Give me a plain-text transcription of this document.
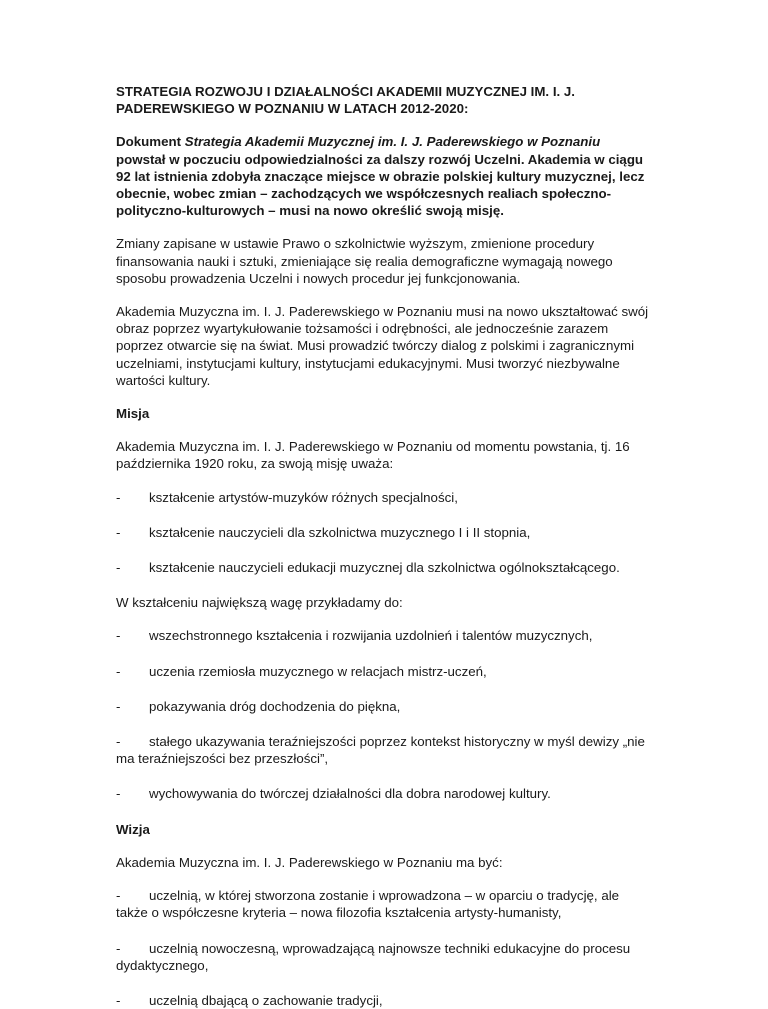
STRATEGIA ROZWOJU I DZIAŁALNOŚCI AKADEMII MUZYCZNEJ IM. I. J. PADEREWSKIEGO W POZNANIU W LATACH 2012-2020:

Dokument Strategia Akademii Muzycznej im. I. J. Paderewskiego w Poznaniu powstał w poczuciu odpowiedzialności za dalszy rozwój Uczelni. Akademia w ciągu 92 lat istnienia zdobyła znaczące miejsce w obrazie polskiej kultury muzycznej, lecz obecnie, wobec zmian – zachodzących we współczesnych realiach społeczno-polityczno-kulturowych – musi na nowo określić swoją misję.

Zmiany zapisane w ustawie Prawo o szkolnictwie wyższym, zmienione procedury finansowania nauki i sztuki, zmieniające się realia demograficzne wymagają nowego sposobu prowadzenia Uczelni i nowych procedur jej funkcjonowania.

Akademia Muzyczna im. I. J. Paderewskiego w Poznaniu musi na nowo ukształtować swój obraz poprzez wyartykułowanie tożsamości i odrębności, ale jednocześnie zarazem poprzez otwarcie się na świat. Musi prowadzić twórczy dialog z polskimi i zagranicznymi uczelniami, instytucjami kultury, instytucjami edukacyjnymi. Musi tworzyć niezbywalne wartości kultury.

Misja

Akademia Muzyczna im. I. J. Paderewskiego w Poznaniu od momentu powstania, tj. 16 października 1920 roku, za swoją misję uważa:

- kształcenie artystów-muzyków różnych specjalności,
- kształcenie nauczycieli dla szkolnictwa muzycznego I i II stopnia,
- kształcenie nauczycieli edukacji muzycznej dla szkolnictwa ogólnokształcącego.

W kształceniu największą wagę przykładamy do:

- wszechstronnego kształcenia i rozwijania uzdolnień i talentów muzycznych,
- uczenia rzemiosła muzycznego w relacjach mistrz-uczeń,
- pokazywania dróg dochodzenia do piękna,
- stałego ukazywania teraźniejszości poprzez kontekst historyczny w myśl dewizy „nie ma teraźniejszości bez przeszłości”,
- wychowywania do twórczej działalności dla dobra narodowej kultury.

Wizja

Akademia Muzyczna im. I. J. Paderewskiego w Poznaniu ma być:

- uczelnią, w której stworzona zostanie i wprowadzona – w oparciu o tradycję, ale także o współczesne kryteria – nowa filozofia kształcenia artysty-humanisty,
- uczelnią nowoczesną, wprowadzającą najnowsze techniki edukacyjne do procesu dydaktycznego,
- uczelnią dbającą o zachowanie tradycji,
